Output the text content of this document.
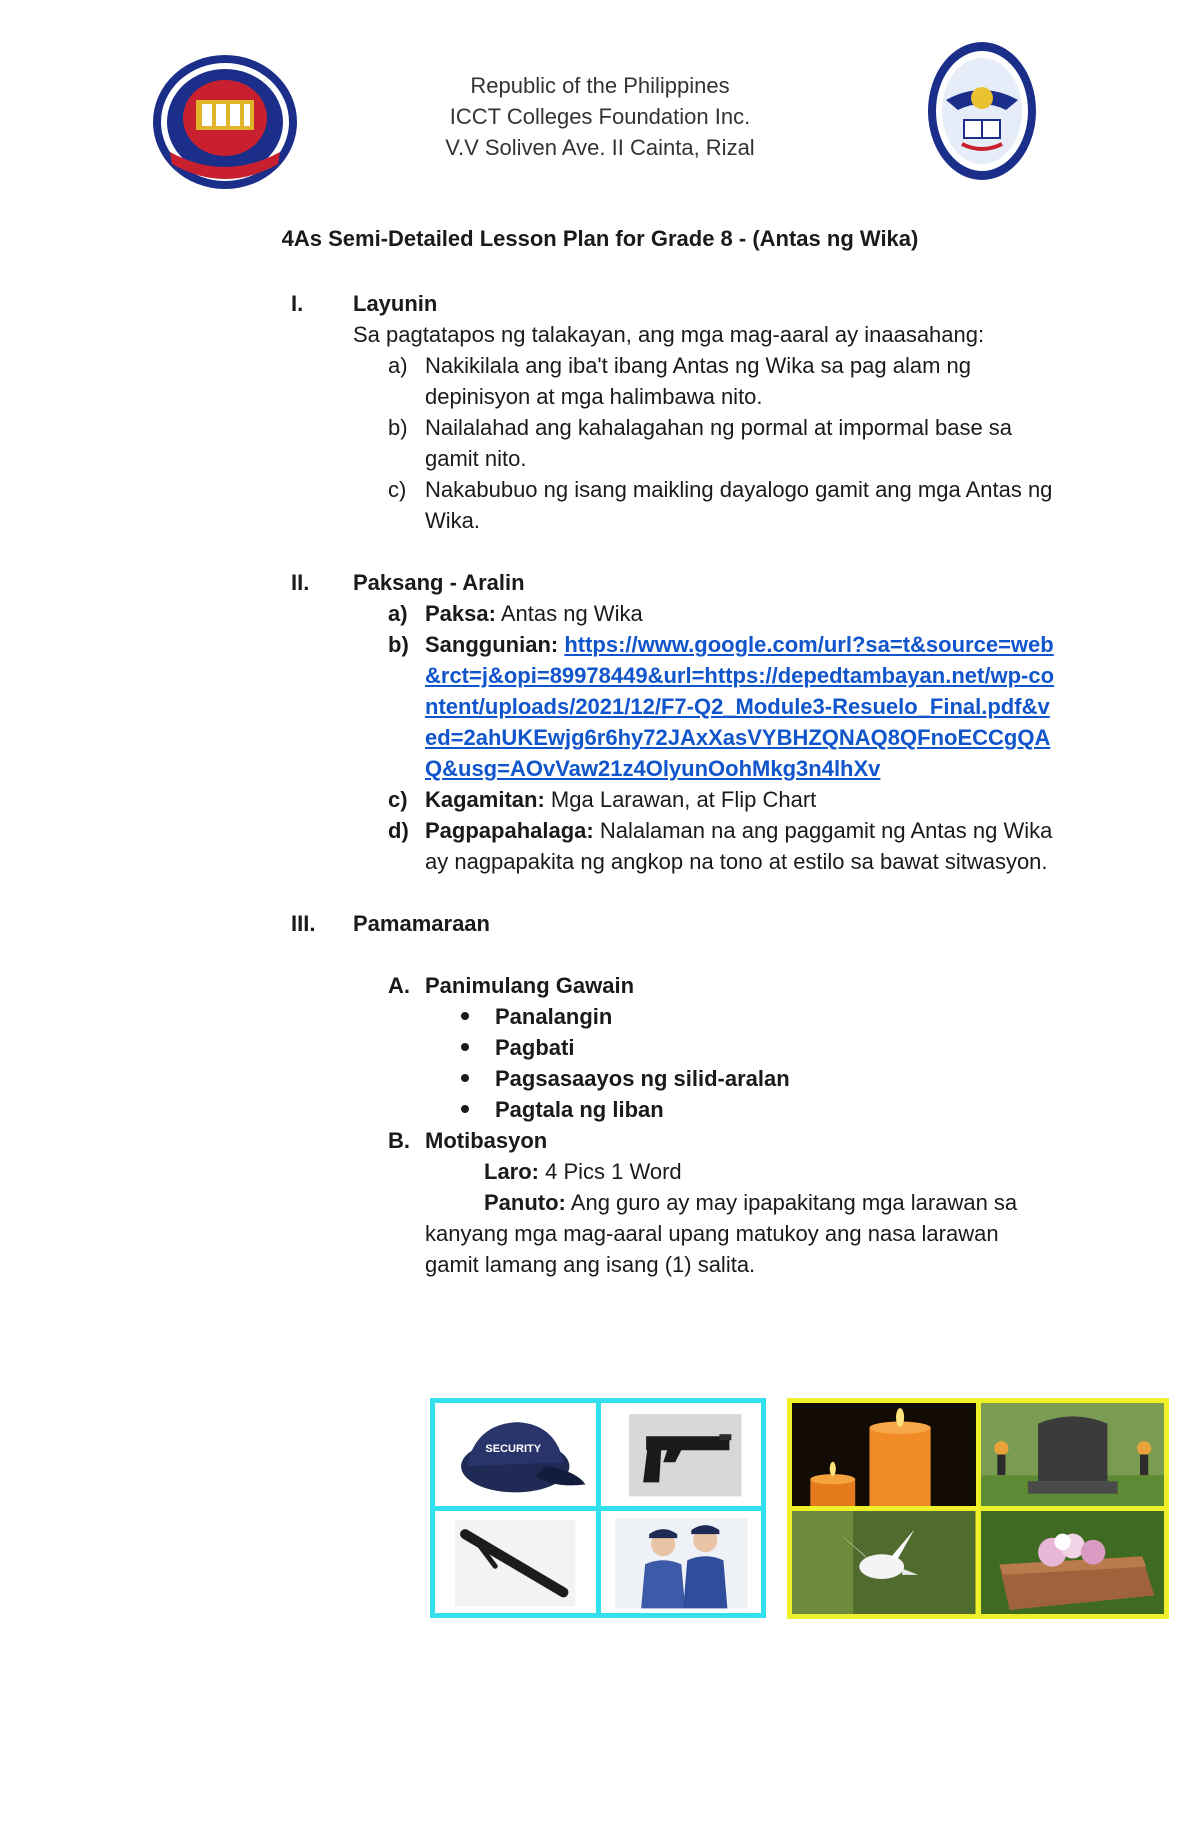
Republic of the Philippines
ICCT Colleges Foundation Inc.
V.V Soliven Ave. II Cainta, Rizal
4As Semi-Detailed Lesson Plan for Grade 8 - (Antas ng Wika)
I. Layunin
Sa pagtatapos ng talakayan, ang mga mag-aaral ay inaasahang:
a) Nakikilala ang iba't ibang Antas ng Wika sa pag alam ng depinisyon at mga halimbawa nito.
b) Nailalahad ang kahalagahan ng pormal at impormal base sa gamit nito.
c) Nakabubuo ng isang maikling dayalogo gamit ang mga Antas ng Wika.
II. Paksang - Aralin
a) Paksa: Antas ng Wika
b) Sanggunian: https://www.google.com/url?sa=t&source=web&rct=j&opi=89978449&url=https://depedtambayan.net/wp-content/uploads/2021/12/F7-Q2_Module3-Resuelo_Final.pdf&ved=2ahUKEwjg6r6hy72JAxXasVYBHZQNAQ8QFnoECCgQAQ&usg=AOvVaw21z4OlyunOohMkg3n4lhXv
c) Kagamitan: Mga Larawan, at Flip Chart
d) Pagpapahalaga: Nalalaman na ang paggamit ng Antas ng Wika ay nagpapakita ng angkop na tono at estilo sa bawat sitwasyon.
III. Pamamaraan
A. Panimulang Gawain
Panalangin
Pagbati
Pagsasaayos ng silid-aralan
Pagtala ng liban
B. Motibasyon
Laro: 4 Pics 1 Word
Panuto: Ang guro ay may ipapakitang mga larawan sa kanyang mga mag-aaral upang matukoy ang nasa larawan gamit lamang ang isang (1) salita.
SECURITY
